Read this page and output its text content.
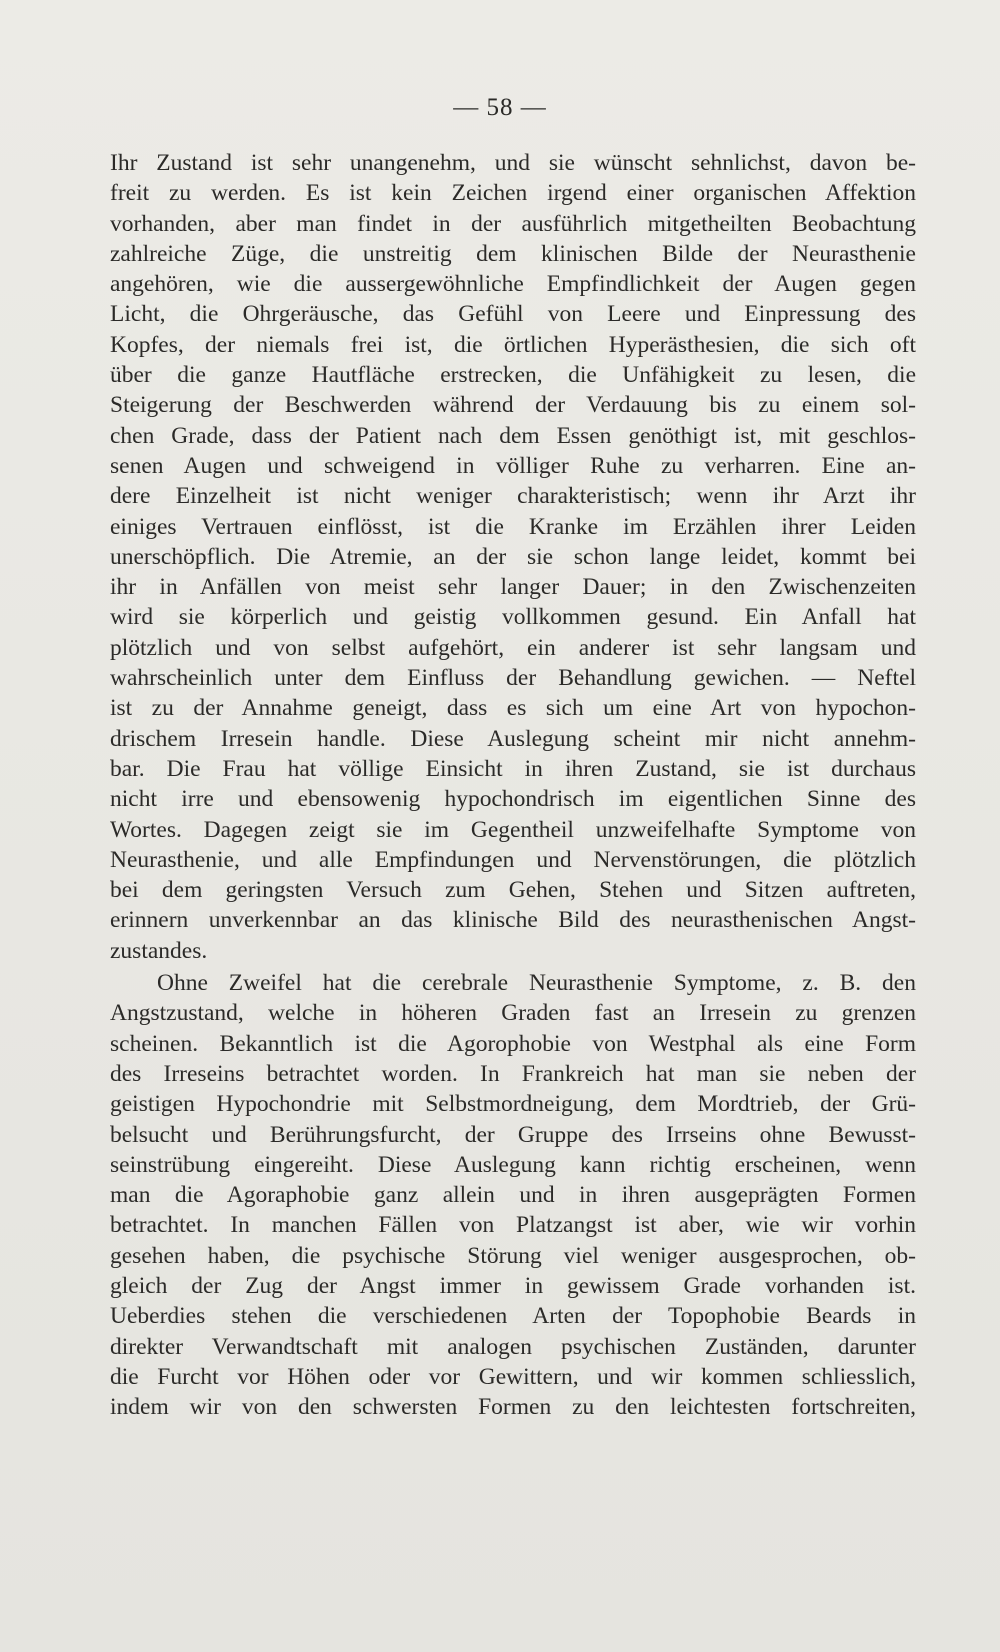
— 58 —
Ihr Zustand ist sehr unangenehm, und sie wünscht sehnlichst, davon be-
freit zu werden. Es ist kein Zeichen irgend einer organischen Affektion
vorhanden, aber man findet in der ausführlich mitgetheilten Beobachtung
zahlreiche Züge, die unstreitig dem klinischen Bilde der Neurasthenie
angehören, wie die aussergewöhnliche Empfindlichkeit der Augen gegen
Licht, die Ohrgeräusche, das Gefühl von Leere und Einpressung des
Kopfes, der niemals frei ist, die örtlichen Hyperästhesien, die sich oft
über die ganze Hautfläche erstrecken, die Unfähigkeit zu lesen, die
Steigerung der Beschwerden während der Verdauung bis zu einem sol-
chen Grade, dass der Patient nach dem Essen genöthigt ist, mit geschlos-
senen Augen und schweigend in völliger Ruhe zu verharren. Eine an-
dere Einzelheit ist nicht weniger charakteristisch; wenn ihr Arzt ihr
einiges Vertrauen einflösst, ist die Kranke im Erzählen ihrer Leiden
unerschöpflich. Die Atremie, an der sie schon lange leidet, kommt bei
ihr in Anfällen von meist sehr langer Dauer; in den Zwischenzeiten
wird sie körperlich und geistig vollkommen gesund. Ein Anfall hat
plötzlich und von selbst aufgehört, ein anderer ist sehr langsam und
wahrscheinlich unter dem Einfluss der Behandlung gewichen. — Neftel
ist zu der Annahme geneigt, dass es sich um eine Art von hypochon-
drischem Irresein handle. Diese Auslegung scheint mir nicht annehm-
bar. Die Frau hat völlige Einsicht in ihren Zustand, sie ist durchaus
nicht irre und ebensowenig hypochondrisch im eigentlichen Sinne des
Wortes. Dagegen zeigt sie im Gegentheil unzweifelhafte Symptome von
Neurasthenie, und alle Empfindungen und Nervenstörungen, die plötzlich
bei dem geringsten Versuch zum Gehen, Stehen und Sitzen auftreten,
erinnern unverkennbar an das klinische Bild des neurasthenischen Angst-
zustandes.
Ohne Zweifel hat die cerebrale Neurasthenie Symptome, z. B. den
Angstzustand, welche in höheren Graden fast an Irresein zu grenzen
scheinen. Bekanntlich ist die Agorophobie von Westphal als eine Form
des Irreseins betrachtet worden. In Frankreich hat man sie neben der
geistigen Hypochondrie mit Selbstmordneigung, dem Mordtrieb, der Grü-
belsucht und Berührungsfurcht, der Gruppe des Irrseins ohne Bewusst-
seinstrübung eingereiht. Diese Auslegung kann richtig erscheinen, wenn
man die Agoraphobie ganz allein und in ihren ausgeprägten Formen
betrachtet. In manchen Fällen von Platzangst ist aber, wie wir vorhin
gesehen haben, die psychische Störung viel weniger ausgesprochen, ob-
gleich der Zug der Angst immer in gewissem Grade vorhanden ist.
Ueberdies stehen die verschiedenen Arten der Topophobie Beards in
direkter Verwandtschaft mit analogen psychischen Zuständen, darunter
die Furcht vor Höhen oder vor Gewittern, und wir kommen schliesslich,
indem wir von den schwersten Formen zu den leichtesten fortschreiten,
